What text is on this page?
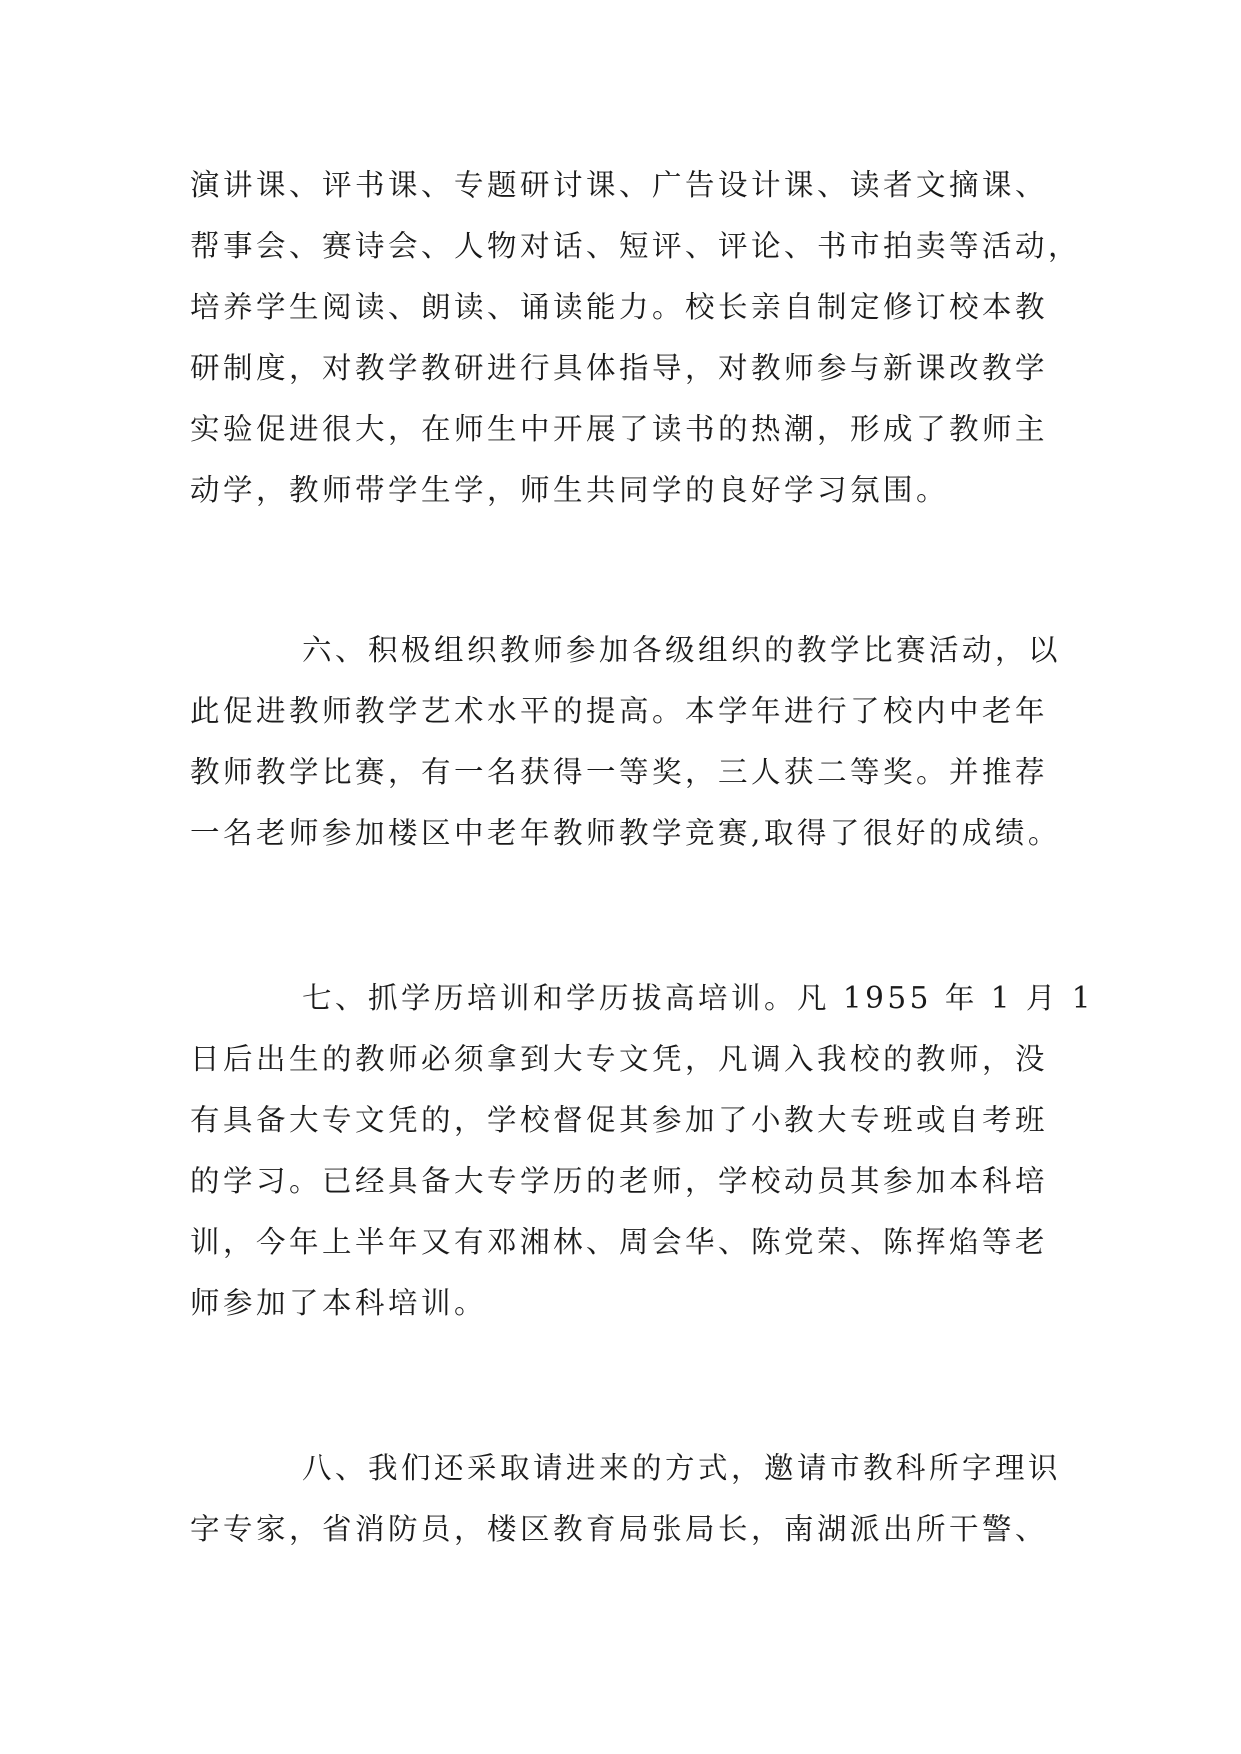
演讲课、评书课、专题研讨课、广告设计课、读者文摘课、
帮事会、赛诗会、人物对话、短评、评论、书市拍卖等活动，
培养学生阅读、朗读、诵读能力。校长亲自制定修订校本教
研制度，对教学教研进行具体指导，对教师参与新课改教学
实验促进很大，在师生中开展了读书的热潮，形成了教师主
动学，教师带学生学，师生共同学的良好学习氛围。
六、积极组织教师参加各级组织的教学比赛活动，以
此促进教师教学艺术水平的提高。本学年进行了校内中老年
教师教学比赛，有一名获得一等奖，三人获二等奖。并推荐
一名老师参加楼区中老年教师教学竞赛,取得了很好的成绩。
七、抓学历培训和学历拔高培训。凡 1955 年 1 月 1
日后出生的教师必须拿到大专文凭，凡调入我校的教师，没
有具备大专文凭的，学校督促其参加了小教大专班或自考班
的学习。已经具备大专学历的老师，学校动员其参加本科培
训，今年上半年又有邓湘林、周会华、陈党荣、陈挥焰等老
师参加了本科培训。
八、我们还采取请进来的方式，邀请市教科所字理识
字专家，省消防员，楼区教育局张局长，南湖派出所干警、
